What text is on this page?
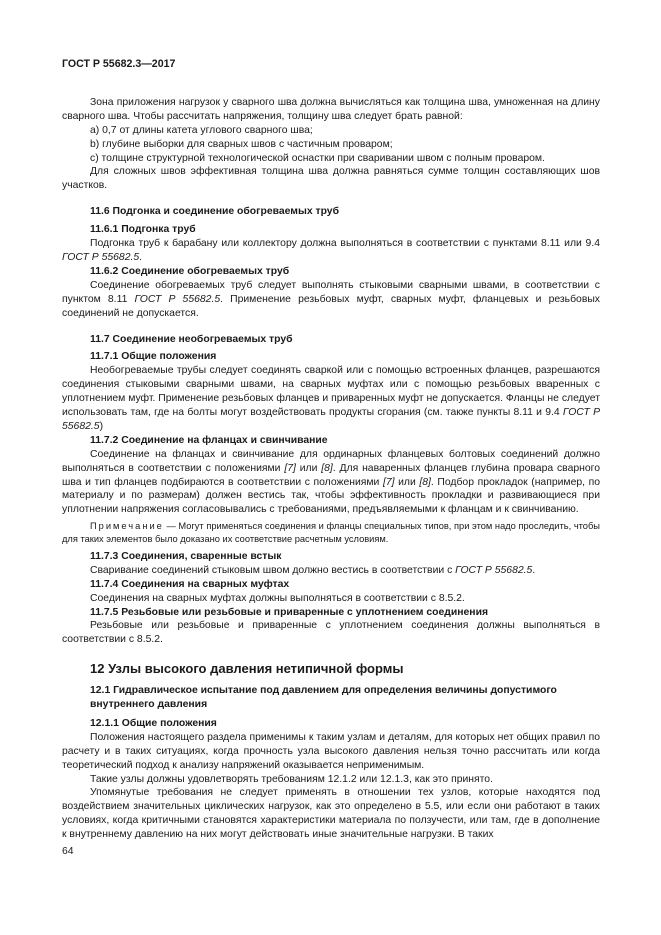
ГОСТ Р 55682.3—2017

Зона приложения нагрузок у сварного шва должна вычисляться как толщина шва, умноженная на длину сварного шва. Чтобы рассчитать напряжения, толщину шва следует брать равной:

a) 0,7 от длины катета углового сварного шва;

b) глубине выборки для сварных швов с частичным проваром;

c) толщине структурной технологической оснастки при сваривании швом с полным проваром.

Для сложных швов эффективная толщина шва должна равняться сумме толщин составляющих шов участков.

11.6 Подгонка и соединение обогреваемых труб
11.6.1 Подгонка труб

Подгонка труб к барабану или коллектору должна выполняться в соответствии с пунктами 8.11 или 9.4 ГОСТ Р 55682.5.

11.6.2 Соединение обогреваемых труб

Соединение обогреваемых труб следует выполнять стыковыми сварными швами, в соответствии с пунктом 8.11 ГОСТ Р 55682.5. Применение резьбовых муфт, сварных муфт, фланцевых и резьбовых соединений не допускается.

11.7 Соединение необогреваемых труб
11.7.1 Общие положения

Необогреваемые трубы следует соединять сваркой или с помощью встроенных фланцев, разрешаются соединения стыковыми сварными швами, на сварных муфтах или с помощью резьбовых вваренных с уплотнением муфт. Применение резьбовых фланцев и приваренных муфт не допускается. Фланцы не следует использовать там, где на болты могут воздействовать продукты сгорания (см. также пункты 8.11 и 9.4 ГОСТ Р 55682.5)

11.7.2 Соединение на фланцах и свинчивание

Соединение на фланцах и свинчивание для ординарных фланцевых болтовых соединений должно выполняться в соответствии с положениями [7] или [8]. Для наваренных фланцев глубина провара сварного шва и тип фланцев подбираются в соответствии с положениями [7] или [8]. Подбор прокладок (например, по материалу и по размерам) должен вестись так, чтобы эффективность прокладки и развивающиеся при уплотнении напряжения согласовывались с требованиями, предъявляемыми к фланцам и к свинчиванию.

Примечание — Могут применяться соединения и фланцы специальных типов, при этом надо проследить, чтобы для таких элементов было доказано их соответствие расчетным условиям.

11.7.3 Соединения, сваренные встык

Сваривание соединений стыковым швом должно вестись в соответствии с ГОСТ Р 55682.5.

11.7.4 Соединения на сварных муфтах

Соединения на сварных муфтах должны выполняться в соответствии с 8.5.2.

11.7.5 Резьбовые или резьбовые и приваренные с уплотнением соединения

Резьбовые или резьбовые и приваренные с уплотнением соединения должны выполняться в соответствии с 8.5.2.

12 Узлы высокого давления нетипичной формы
12.1 Гидравлическое испытание под давлением для определения величины допустимого внутреннего давления
12.1.1 Общие положения

Положения настоящего раздела применимы к таким узлам и деталям, для которых нет общих правил по расчету и в таких ситуациях, когда прочность узла высокого давления нельзя точно рассчитать или когда теоретический подход к анализу напряжений оказывается неприменимым.

Такие узлы должны удовлетворять требованиям 12.1.2 или 12.1.3, как это принято.

Упомянутые требования не следует применять в отношении тех узлов, которые находятся под воздействием значительных циклических нагрузок, как это определено в 5.5, или если они работают в таких условиях, когда критичными становятся характеристики материала по ползучести, или там, где в дополнение к внутреннему давлению на них могут действовать иные значительные нагрузки. В таких

64
